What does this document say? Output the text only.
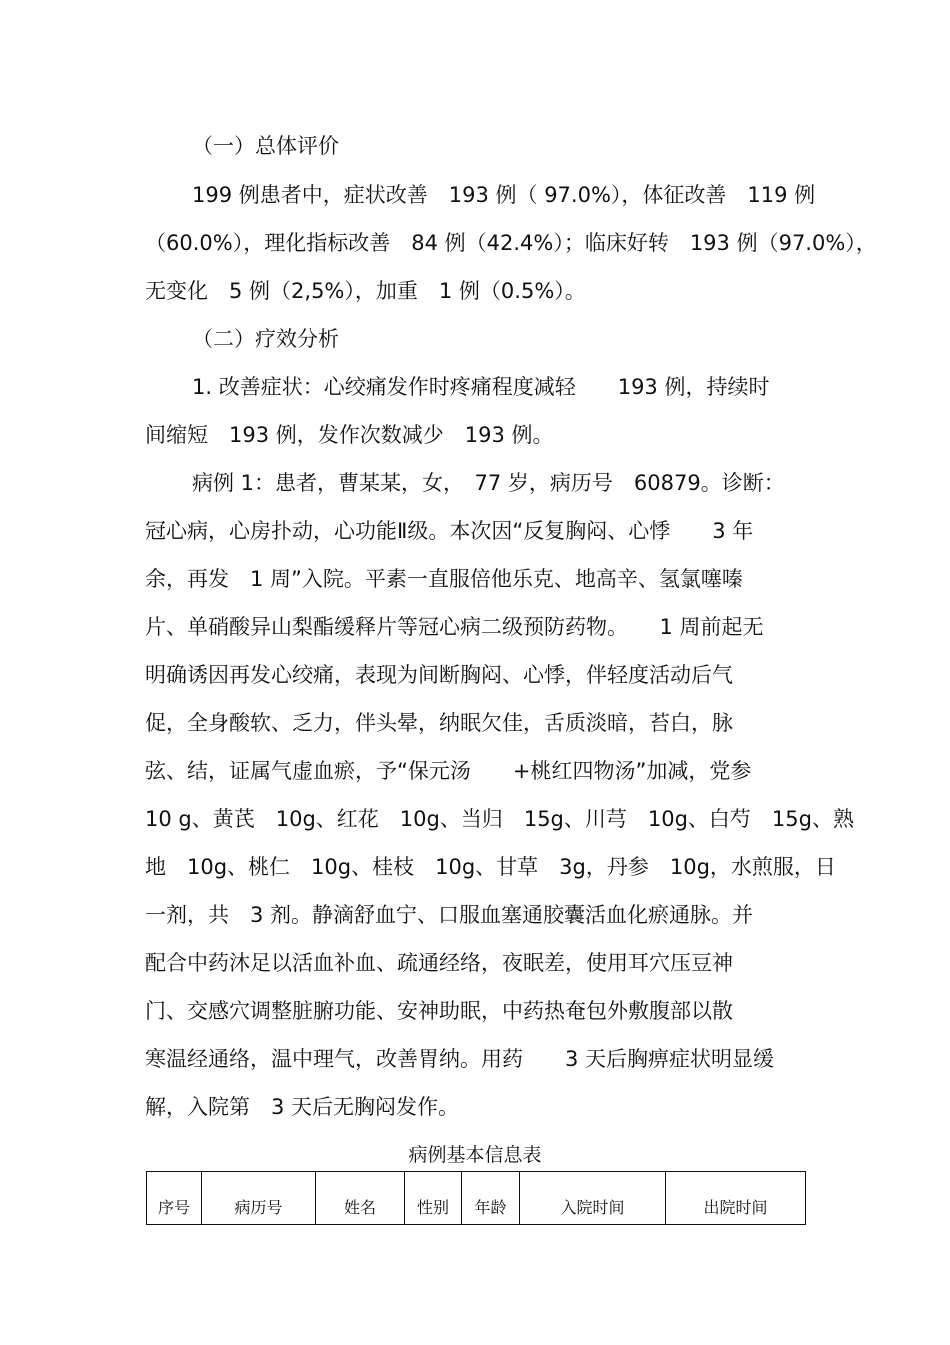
（一）总体评价

199 例患者中，症状改善　193 例（ 97.0%），体征改善　119 例

（60.0%），理化指标改善　84 例（42.4%）；临床好转　193 例（97.0%），

无变化　5 例（2,5%），加重　1 例（0.5%）。

（二）疗效分析

1. 改善症状：心绞痛发作时疼痛程度减轻　　193 例，持续时

间缩短　193 例，发作次数减少　193 例。

病例 1：患者，曹某某，女，　77 岁，病历号　60879。诊断：

冠心病，心房扑动，心功能Ⅱ级。本次因“反复胸闷、心悸　　3 年

余，再发　1 周”入院。平素一直服倍他乐克、地高辛、氢氯噻嗪

片、单硝酸异山梨酯缓释片等冠心病二级预防药物。　　1 周前起无

明确诱因再发心绞痛，表现为间断胸闷、心悸，伴轻度活动后气

促，全身酸软、乏力，伴头晕，纳眠欠佳，舌质淡暗，苔白，脉

弦、结，证属气虚血瘀，予“保元汤　　+桃红四物汤”加减，党参

10 g、黄芪　10g、红花　10g、当归　15g、川芎　10g、白芍　15g、熟

地　10g、桃仁　10g、桂枝　10g、甘草　3g，丹参　10g，水煎服，日

一剂，共　3 剂。静滴舒血宁、口服血塞通胶囊活血化瘀通脉。并

配合中药沐足以活血补血、疏通经络，夜眠差，使用耳穴压豆神

门、交感穴调整脏腑功能、安神助眠，中药热奄包外敷腹部以散

寒温经通络，温中理气，改善胃纳。用药　　3 天后胸痹症状明显缓

解，入院第　3 天后无胸闷发作。

病例基本信息表

序号	病历号	姓名	性别	年龄	入院时间	出院时间
